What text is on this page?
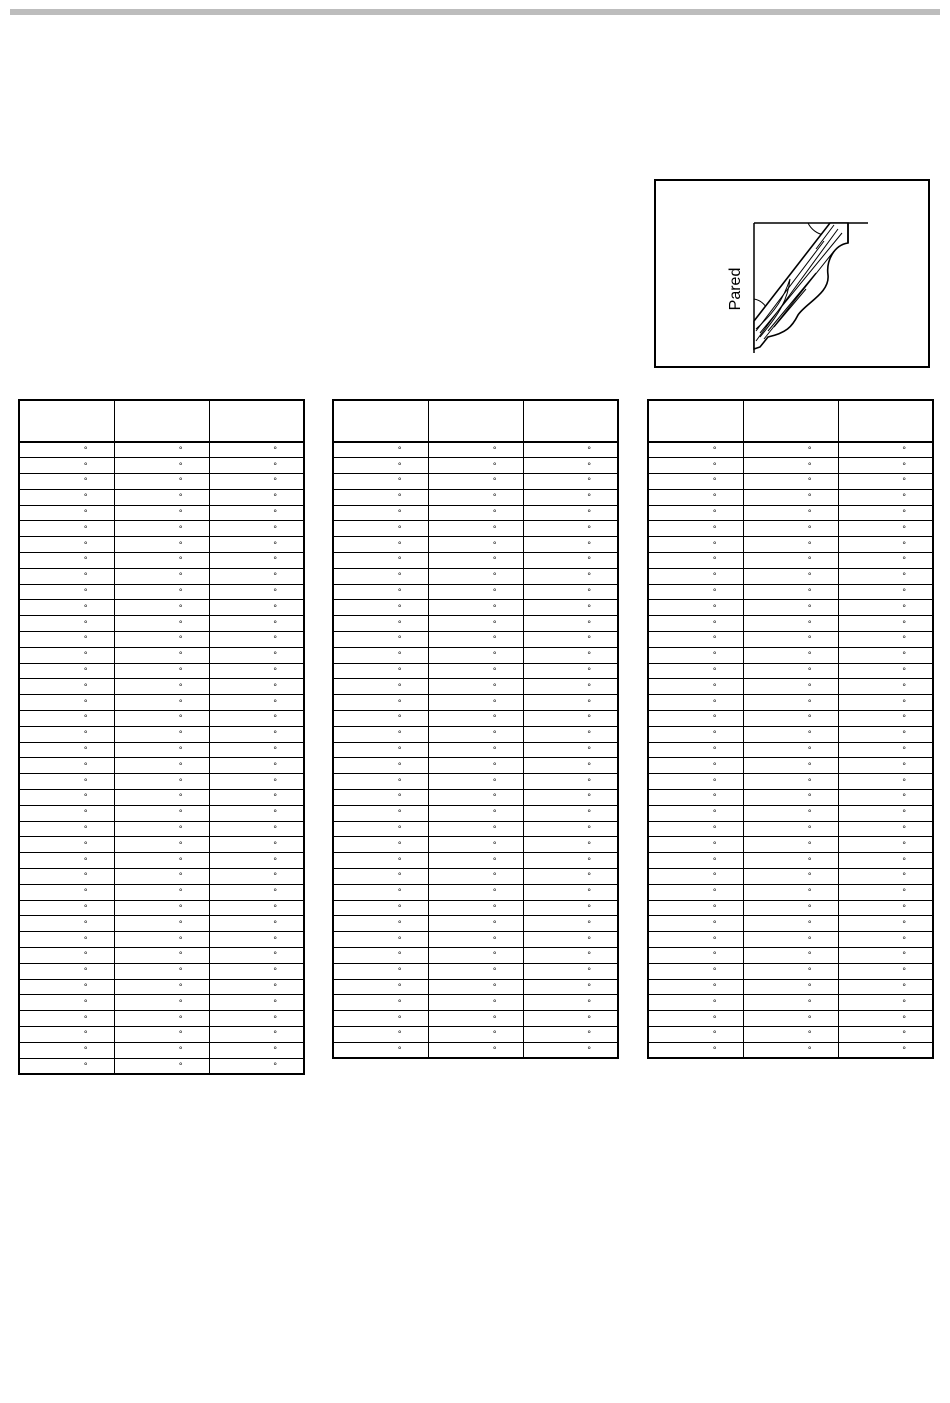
Pared

°	°	°
°	°	°
°	°	°
°	°	°
°	°	°
°	°	°
°	°	°
°	°	°
°	°	°
°	°	°
°	°	°
°	°	°
°	°	°
°	°	°
°	°	°
°	°	°
°	°	°
°	°	°
°	°	°
°	°	°
°	°	°
°	°	°
°	°	°
°	°	°
°	°	°
°	°	°
°	°	°
°	°	°
°	°	°
°	°	°
°	°	°
°	°	°
°	°	°
°	°	°
°	°	°
°	°	°
°	°	°
°	°	°
°	°	°
°	°	°

°	°	°
°	°	°
°	°	°
°	°	°
°	°	°
°	°	°
°	°	°
°	°	°
°	°	°
°	°	°
°	°	°
°	°	°
°	°	°
°	°	°
°	°	°
°	°	°
°	°	°
°	°	°
°	°	°
°	°	°
°	°	°
°	°	°
°	°	°
°	°	°
°	°	°
°	°	°
°	°	°
°	°	°
°	°	°
°	°	°
°	°	°
°	°	°
°	°	°
°	°	°
°	°	°
°	°	°
°	°	°
°	°	°
°	°	°

°	°	°
°	°	°
°	°	°
°	°	°
°	°	°
°	°	°
°	°	°
°	°	°
°	°	°
°	°	°
°	°	°
°	°	°
°	°	°
°	°	°
°	°	°
°	°	°
°	°	°
°	°	°
°	°	°
°	°	°
°	°	°
°	°	°
°	°	°
°	°	°
°	°	°
°	°	°
°	°	°
°	°	°
°	°	°
°	°	°
°	°	°
°	°	°
°	°	°
°	°	°
°	°	°
°	°	°
°	°	°
°	°	°
°	°	°
